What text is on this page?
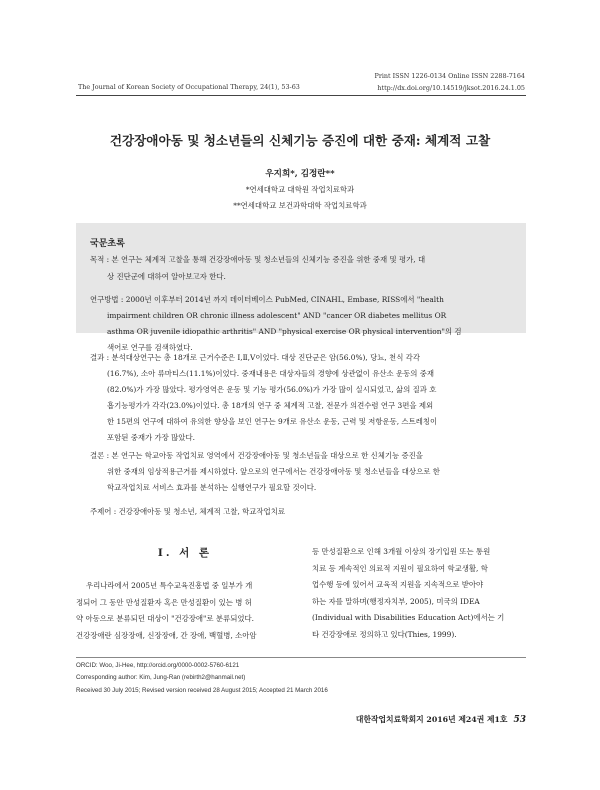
The Journal of Korean Society of Occupational Therapy, 24(1), 53-63
Print ISSN 1226-0134 Online ISSN 2288-7164
http://dx.doi.org/10.14519/jksot.2016.24.1.05
건강장애아동 및 청소년들의 신체기능 증진에 대한 중재: 체계적 고찰
우지희*, 김정란**
*연세대학교 대학원 작업치료학과
**연세대학교 보건과학대학 작업치료학과
국문초록
목적 : 본 연구는 체계적 고찰을 통해 건강장애아동 및 청소년들의 신체기능 증진을 위한 중재 및 평가, 대
상 진단군에 대하여 알아보고자 한다.
연구방법 : 2000년 이후부터 2014년 까지 데이터베이스 PubMed, CINAHL, Embase, RISS에서 "health
impairment children OR chronic illness adolescent" AND "cancer OR diabetes mellitus OR
asthma OR juvenile idiopathic arthritis" AND "physical exercise OR physical intervention"의 검
색어로 연구를 검색하였다.
결과 : 분석대상연구는 총 18개로 근거수준은 Ⅰ,Ⅱ,Ⅴ이었다. 대상 진단군은 암(56.0%), 당뇨, 천식 각각
(16.7%), 소아 류마티스(11.1%)이었다. 중재내용은 대상자들의 경향에 상관없이 유산소 운동의 중재
(82.0%)가 가장 많았다. 평가영역은 운동 및 기능 평가(56.0%)가 가장 많이 실시되었고, 삶의 질과 호
흡기능평가가 각각(23.0%)이었다. 총 18개의 연구 중 체계적 고찰, 전문가 의견수렴 연구 3편을 제외
한 15편의 연구에 대하여 유의한 향상을 보인 연구는 9개로 유산소 운동, 근력 및 저항운동, 스트레칭이
포함된 중재가 가장 많았다.
결론 : 본 연구는 학교아동 작업치료 영역에서 건강장애아동 및 청소년들을 대상으로 한 신체기능 증진을
위한 중재의 임상적용근거를 제시하였다. 앞으로의 연구에서는 건강장애아동 및 청소년들을 대상으로 한
학교작업치료 서비스 효과를 분석하는 실행연구가 필요할 것이다.
주제어 : 건강장애아동 및 청소년, 체계적 고찰, 학교작업치료
Ⅰ. 서 론
우리나라에서 2005년 특수교육진흥법 중 일부가 개
정되어 그 동안 만성질환자 혹은 만성질환이 있는 병 허
약 아동으로 분류되던 대상이 "건강장애"로 분류되었다.
건강장애란 심장장애, 신장장애, 간 장애, 백혈병, 소아암
등 만성질환으로 인해 3개월 이상의 장기입원 또는 통원
치료 등 계속적인 의료적 지원이 필요하여 학교생활, 학
업수행 등에 있어서 교육적 지원을 지속적으로 받아야
하는 자를 말하며(행정자치부, 2005), 미국의 IDEA
(Individual with Disabilities Education Act)에서는 기
타 건강장애로 정의하고 있다(Thies, 1999).
ORCID: Woo, Ji-Hee, http://orcid.org/0000-0002-5760-6121
Corresponding author: Kim, Jung-Ran (rebirth2@hanmail.net)
Received 30 July 2015; Revised version received 28 August 2015; Accepted 21 March 2016
대한작업치료학회지 2016년 제24권 제1호 53
